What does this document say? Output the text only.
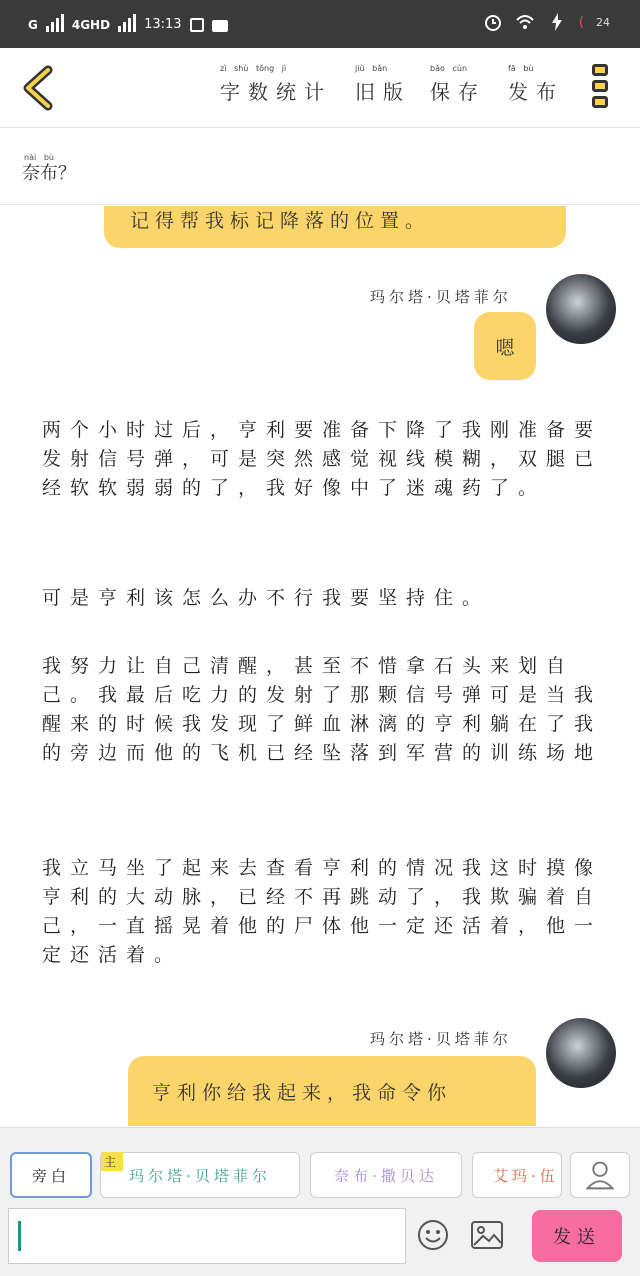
G	4GHD	13:13	( 24
zì   shù   tǒng   jì
字数统计
jiù   bǎn
旧版
bǎo   cún
保存
fā   bù
发布
nài   bù
奈布？
记得帮我标记降落的位置。
玛尔塔·贝塔菲尔
嗯
两个小时过后，亨利要准备下降了我刚准备要发射信号弹，可是突然感觉视线模糊，双腿已经软软弱弱的了，我好像中了迷魂药了。
可是亨利该怎么办不行我要坚持住。
我努力让自己清醒，甚至不惜拿石头来划自己。我最后吃力的发射了那颗信号弹可是当我醒来的时候我发现了鲜血淋漓的亨利躺在了我的旁边而他的飞机已经坠落到军营的训练场地
我立马坐了起来去查看亨利的情况我这时摸像亨利的大动脉，已经不再跳动了，我欺骗着自己，一直摇晃着他的尸体他一定还活着，他一定还活着。
玛尔塔·贝塔菲尔
亨利你给我起来，我命令你
旁白
主
玛尔塔·贝塔菲尔	奈布·撒贝达	艾玛·伍
发送
